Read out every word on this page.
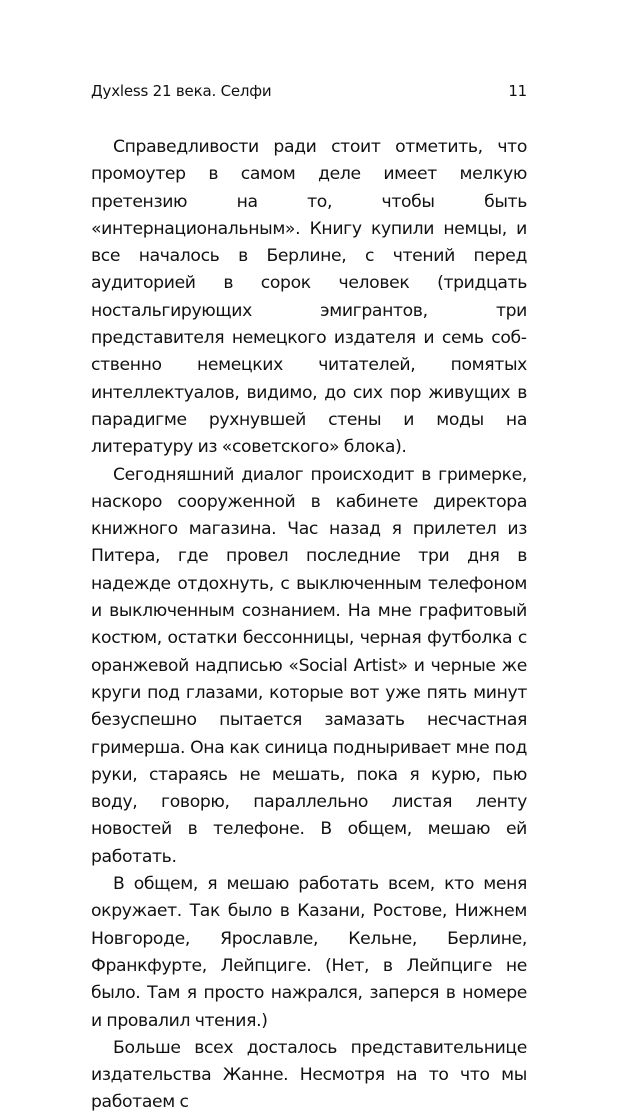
Духless 21 века. Селфи	11

Справедливости ради стоит отметить, что промоутер в самом деле имеет мелкую претензию на то, чтобы быть «интернациональным». Книгу купили немцы, и все началось в Берлине, с чтений перед аудиторией в сорок человек (тридцать ностальгирующих эмигрантов, три представителя немецкого издателя и семь собственно немецких читателей, помятых интеллектуалов, видимо, до сих пор живущих в парадигме рухнувшей стены и моды на литературу из «советского» блока).

Сегодняшний диалог происходит в гримерке, наскоро сооруженной в кабинете директора книжного магазина. Час назад я прилетел из Питера, где провел последние три дня в надежде отдохнуть, с выключенным телефоном и выключенным сознанием. На мне графитовый костюм, остатки бессонницы, черная футболка с оранжевой надписью «Social Artist» и черные же круги под глазами, которые вот уже пять минут безуспешно пытается замазать несчастная гримерша. Она как синица подныривает мне под руки, стараясь не мешать, пока я курю, пью воду, говорю, параллельно листая ленту новостей в телефоне. В общем, мешаю ей работать.

В общем, я мешаю работать всем, кто меня окружает. Так было в Казани, Ростове, Нижнем Новгороде, Ярославле, Кельне, Берлине, Франкфурте, Лейпциге. (Нет, в Лейпциге не было. Там я просто нажрался, заперся в номере и провалил чтения.)

Больше всех досталось представительнице издательства Жанне. Несмотря на то что мы работаем с
